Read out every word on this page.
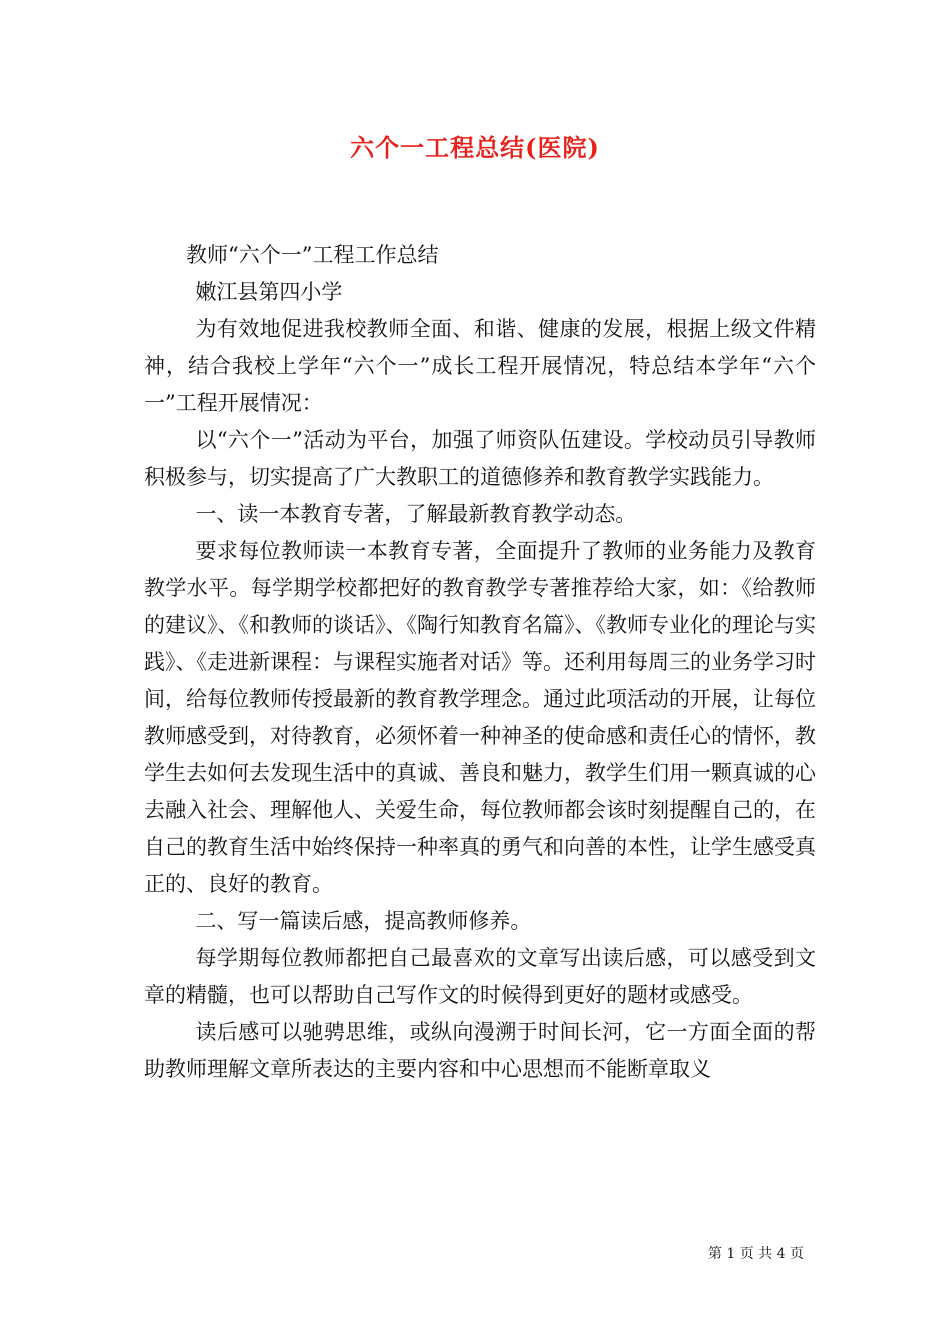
六个一工程总结(医院)

教师“六个一”工程工作总结

嫩江县第四小学

为有效地促进我校教师全面、和谐、健康的发展，根据上级文件精神，结合我校上学年“六个一”成长工程开展情况，特总结本学年“六个一”工程开展情况：

以“六个一”活动为平台，加强了师资队伍建设。学校动员引导教师积极参与，切实提高了广大教职工的道德修养和教育教学实践能力。

一、读一本教育专著，了解最新教育教学动态。

要求每位教师读一本教育专著，全面提升了教师的业务能力及教育教学水平。每学期学校都把好的教育教学专著推荐给大家，如：《给教师的建议》、《和教师的谈话》、《陶行知教育名篇》、《教师专业化的理论与实践》、《走进新课程：与课程实施者对话》等。还利用每周三的业务学习时间，给每位教师传授最新的教育教学理念。通过此项活动的开展，让每位教师感受到，对待教育，必须怀着一种神圣的使命感和责任心的情怀，教学生去如何去发现生活中的真诚、善良和魅力，教学生们用一颗真诚的心去融入社会、理解他人、关爱生命，每位教师都会该时刻提醒自己的，在自己的教育生活中始终保持一种率真的勇气和向善的本性，让学生感受真正的、良好的教育。

二、写一篇读后感，提高教师修养。

每学期每位教师都把自己最喜欢的文章写出读后感，可以感受到文章的精髓，也可以帮助自己写作文的时候得到更好的题材或感受。

读后感可以驰骋思维，或纵向漫溯于时间长河，它一方面全面的帮助教师理解文章所表达的主要内容和中心思想而不能断章取义

第 1 页 共 4 页
